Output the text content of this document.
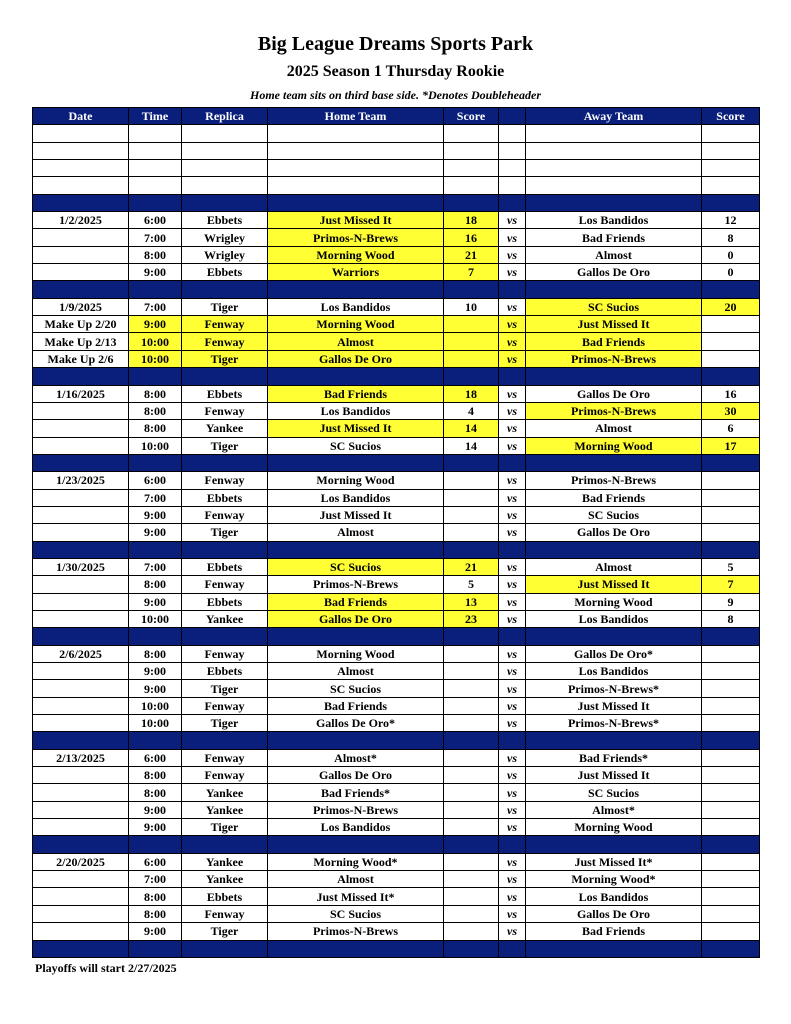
Big League Dreams Sports Park
2025 Season 1 Thursday Rookie
Home team sits on third base side. *Denotes Doubleheader
Date	Time	Replica	Home Team	Score		Away Team	Score

1/2/2025	6:00	Ebbets	Just Missed It	18	vs	Los Bandidos	12
	7:00	Wrigley	Primos-N-Brews	16	vs	Bad Friends	8
	8:00	Wrigley	Morning Wood	21	vs	Almost	0
	9:00	Ebbets	Warriors	7	vs	Gallos De Oro	0

1/9/2025	7:00	Tiger	Los Bandidos	10	vs	SC Sucios	20
Make Up 2/20	9:00	Fenway	Morning Wood		vs	Just Missed It	
Make Up 2/13	10:00	Fenway	Almost		vs	Bad Friends	
Make Up 2/6	10:00	Tiger	Gallos De Oro		vs	Primos-N-Brews	

1/16/2025	8:00	Ebbets	Bad Friends	18	vs	Gallos De Oro	16
	8:00	Fenway	Los Bandidos	4	vs	Primos-N-Brews	30
	8:00	Yankee	Just Missed It	14	vs	Almost	6
	10:00	Tiger	SC Sucios	14	vs	Morning Wood	17

1/23/2025	6:00	Fenway	Morning Wood		vs	Primos-N-Brews	
	7:00	Ebbets	Los Bandidos		vs	Bad Friends	
	9:00	Fenway	Just Missed It		vs	SC Sucios	
	9:00	Tiger	Almost		vs	Gallos De Oro	

1/30/2025	7:00	Ebbets	SC Sucios	21	vs	Almost	5
	8:00	Fenway	Primos-N-Brews	5	vs	Just Missed It	7
	9:00	Ebbets	Bad Friends	13	vs	Morning Wood	9
	10:00	Yankee	Gallos De Oro	23	vs	Los Bandidos	8

2/6/2025	8:00	Fenway	Morning Wood		vs	Gallos De Oro*	
	9:00	Ebbets	Almost		vs	Los Bandidos	
	9:00	Tiger	SC Sucios		vs	Primos-N-Brews*	
	10:00	Fenway	Bad Friends		vs	Just Missed It	
	10:00	Tiger	Gallos De Oro*		vs	Primos-N-Brews*	

2/13/2025	6:00	Fenway	Almost*		vs	Bad Friends*	
	8:00	Fenway	Gallos De Oro		vs	Just Missed It	
	8:00	Yankee	Bad Friends*		vs	SC Sucios	
	9:00	Yankee	Primos-N-Brews		vs	Almost*	
	9:00	Tiger	Los Bandidos		vs	Morning Wood	

2/20/2025	6:00	Yankee	Morning Wood*		vs	Just Missed It*	
	7:00	Yankee	Almost		vs	Morning Wood*	
	8:00	Ebbets	Just Missed It*		vs	Los Bandidos	
	8:00	Fenway	SC Sucios		vs	Gallos De Oro	
	9:00	Tiger	Primos-N-Brews		vs	Bad Friends	

Playoffs will start 2/27/2025
